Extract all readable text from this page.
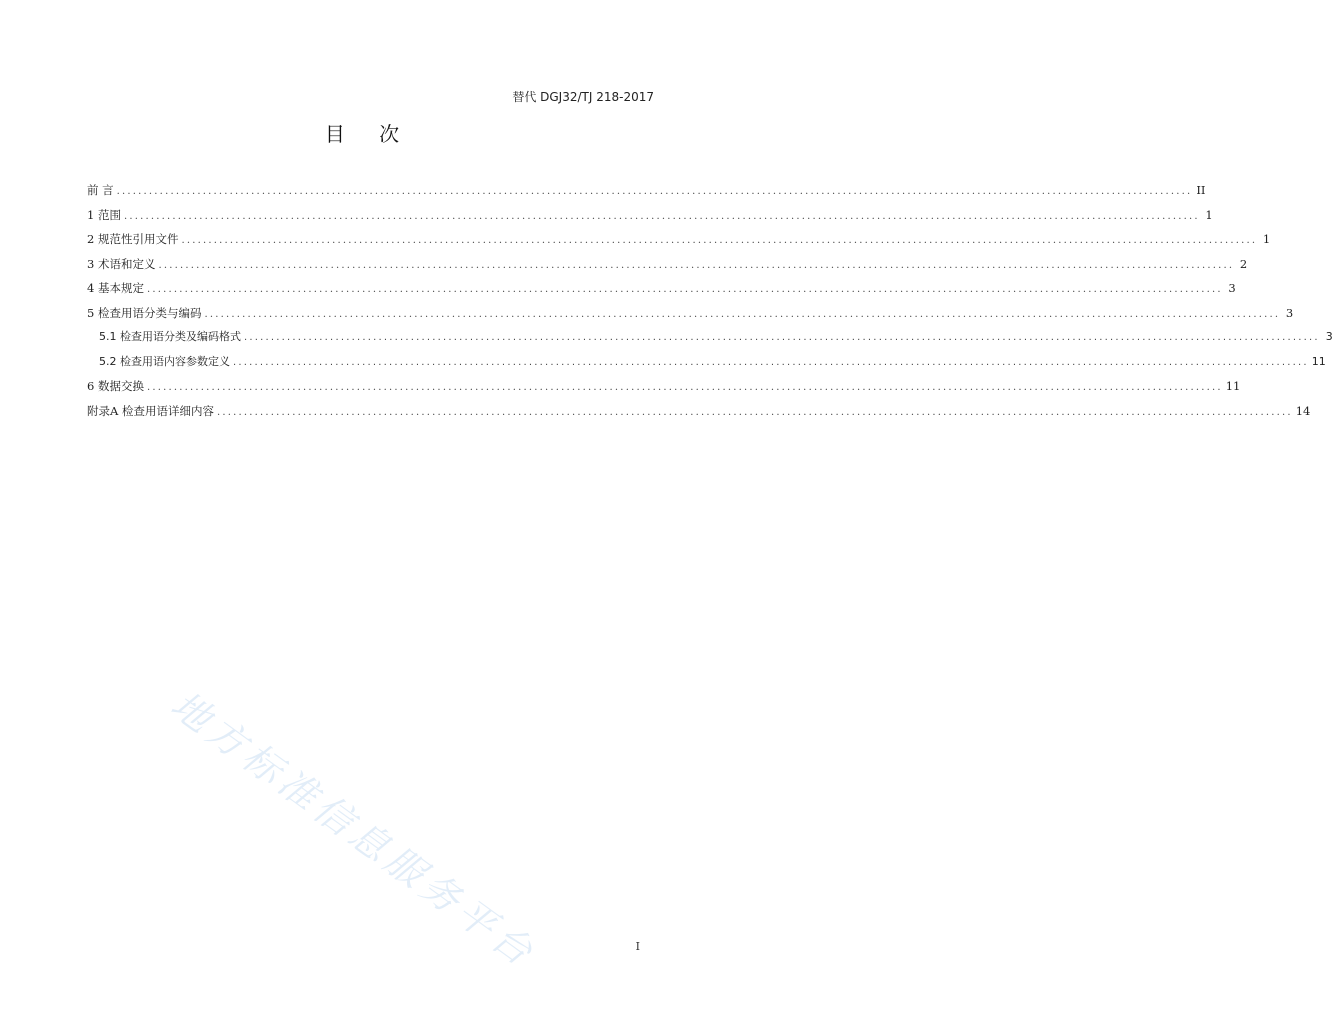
替代 DGJ32/TJ 218-2017
目 次
前 言 ........................................................................................................................................................................................................ II
1 范围 ........................................................................................................................................................................................................ 1
2 规范性引用文件 ........................................................................................................................................................................................................ 1
3 术语和定义 ........................................................................................................................................................................................................ 2
4 基本规定 ........................................................................................................................................................................................................ 3
5 检查用语分类与编码 ........................................................................................................................................................................................................ 3
5.1 检查用语分类及编码格式 ........................................................................................................................................................................................................ 3
5.2 检查用语内容参数定义 ........................................................................................................................................................................................................ 11
6 数据交换 ........................................................................................................................................................................................................ 11
附录A 检查用语详细内容 ........................................................................................................................................................................................................ 14
地方标准信息服务平台	I
